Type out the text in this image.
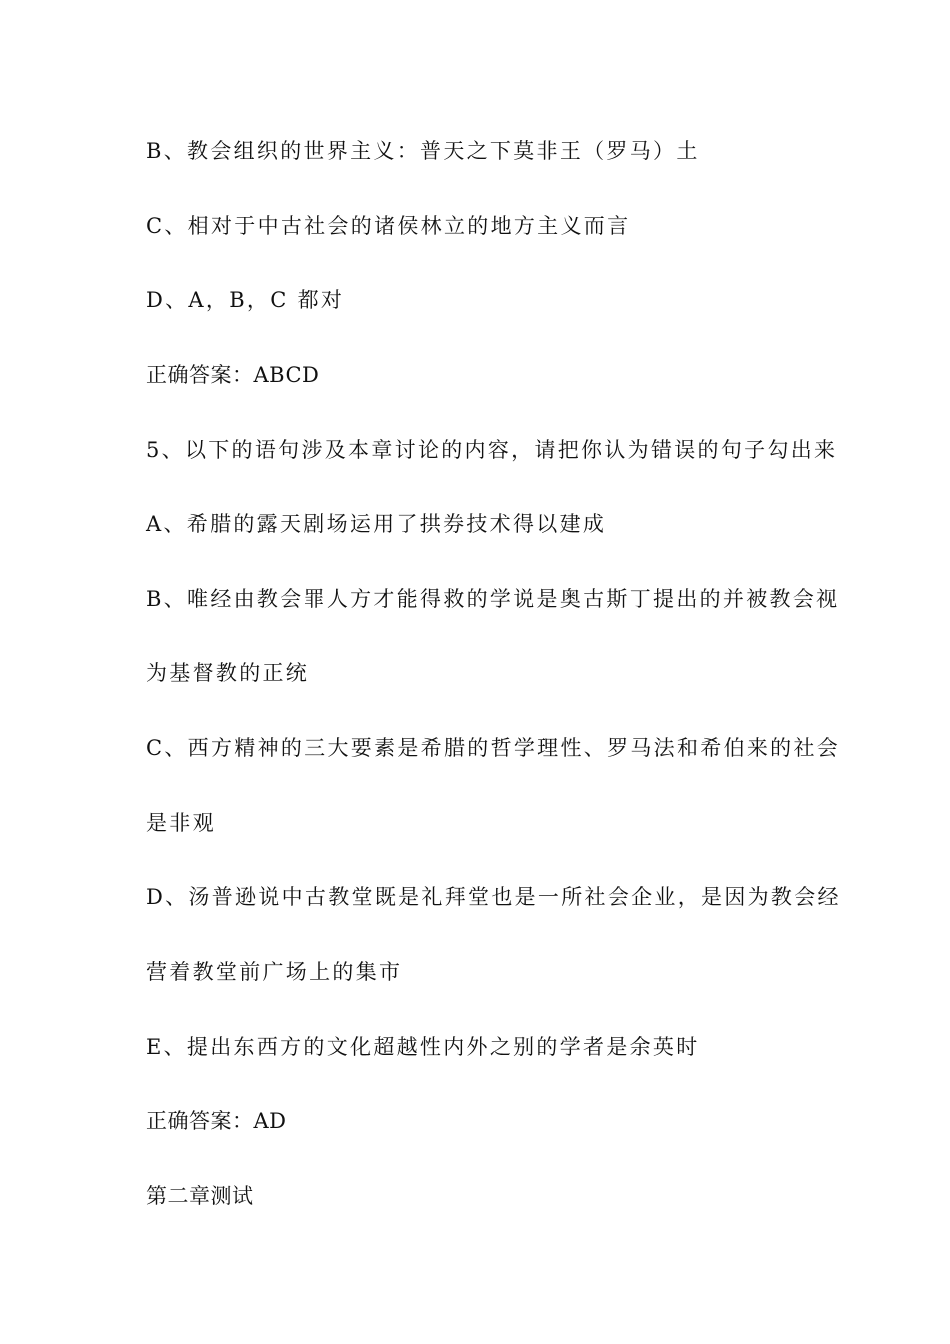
B、教会组织的世界主义：普天之下莫非王（罗马）土
C、相对于中古社会的诸侯林立的地方主义而言
D、A，B，C 都对
正确答案：ABCD
5、以下的语句涉及本章讨论的内容，请把你认为错误的句子勾出来
A、希腊的露天剧场运用了拱券技术得以建成
B、唯经由教会罪人方才能得救的学说是奥古斯丁提出的并被教会视
为基督教的正统
C、西方精神的三大要素是希腊的哲学理性、罗马法和希伯来的社会
是非观
D、汤普逊说中古教堂既是礼拜堂也是一所社会企业，是因为教会经
营着教堂前广场上的集市
E、提出东西方的文化超越性内外之别的学者是余英时
正确答案：AD
第二章测试
